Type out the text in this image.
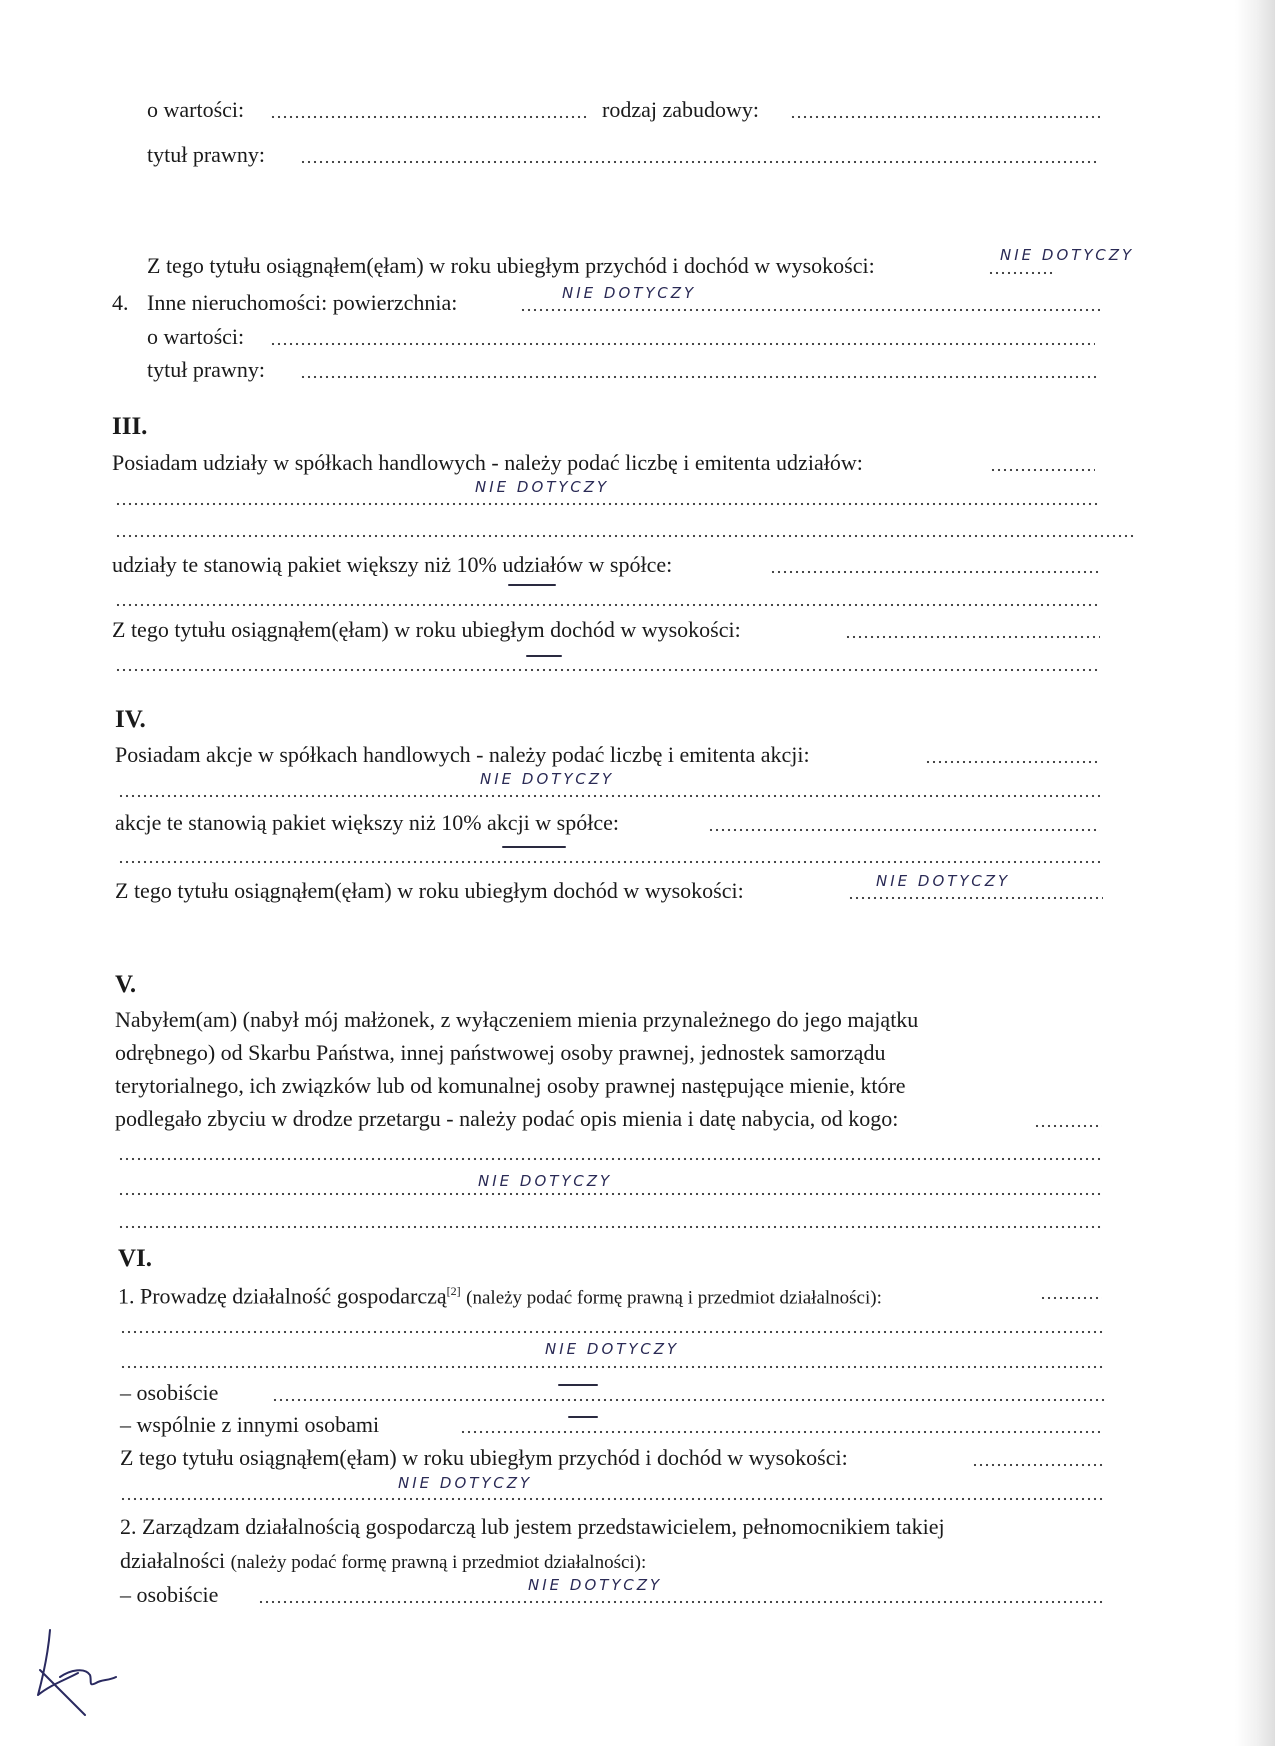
o wartości:	rodzaj zabudowy:
tytuł prawny:
Z tego tytułu osiągnąłem(ęłam) w roku ubiegłym przychód i dochód w wysokości:	NIE DOTYCZY
4. Inne nieruchomości: powierzchnia:	NIE DOTYCZY
o wartości:
tytuł prawny:
III.
Posiadam udziały w spółkach handlowych - należy podać liczbę i emitenta udziałów:
NIE DOTYCZY
udziały te stanowią pakiet większy niż 10% udziałów w spółce:
Z tego tytułu osiągnąłem(ęłam) w roku ubiegłym dochód w wysokości:
IV.
Posiadam akcje w spółkach handlowych - należy podać liczbę i emitenta akcji:
NIE DOTYCZY
akcje te stanowią pakiet większy niż 10% akcji w spółce:
Z tego tytułu osiągnąłem(ęłam) w roku ubiegłym dochód w wysokości:	NIE DOTYCZY
V.
Nabyłem(am) (nabył mój małżonek, z wyłączeniem mienia przynależnego do jego majątku
odrębnego) od Skarbu Państwa, innej państwowej osoby prawnej, jednostek samorządu
terytorialnego, ich związków lub od komunalnej osoby prawnej następujące mienie, które
podlegało zbyciu w drodze przetargu - należy podać opis mienia i datę nabycia, od kogo:
NIE DOTYCZY
VI.
1. Prowadzę działalność gospodarczą[2] (należy podać formę prawną i przedmiot działalności):
NIE DOTYCZY
– osobiście
– wspólnie z innymi osobami
Z tego tytułu osiągnąłem(ęłam) w roku ubiegłym przychód i dochód w wysokości:
NIE DOTYCZY
2. Zarządzam działalnością gospodarczą lub jestem przedstawicielem, pełnomocnikiem takiej
działalności (należy podać formę prawną i przedmiot działalności):
– osobiście	NIE DOTYCZY
